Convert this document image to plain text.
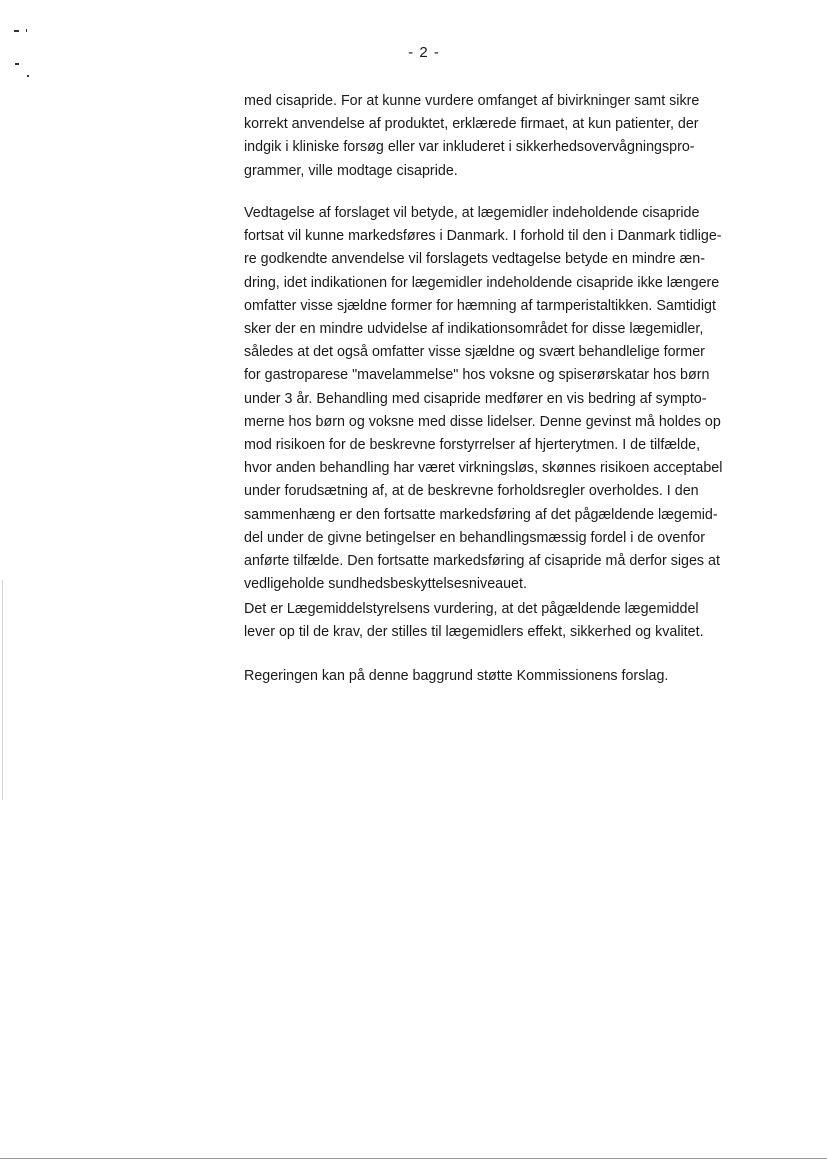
- 2 -

med cisapride. For at kunne vurdere omfanget af bivirkninger samt sikre
korrekt anvendelse af produktet, erklærede firmaet, at kun patienter, der
indgik i kliniske forsøg eller var inkluderet i sikkerhedsovervågningspro-
grammer, ville modtage cisapride.

Vedtagelse af forslaget vil betyde, at lægemidler indeholdende cisapride
fortsat vil kunne markedsføres i Danmark. I forhold til den i Danmark tidlige-
re godkendte anvendelse vil forslagets vedtagelse betyde en mindre æn-
dring, idet indikationen for lægemidler indeholdende cisapride ikke længere
omfatter visse sjældne former for hæmning af tarmperistaltikken. Samtidigt
sker der en mindre udvidelse af indikationsområdet for disse lægemidler,
således at det også omfatter visse sjældne og svært behandlelige former
for gastroparese "mavelammelse" hos voksne og spiserørskatar hos børn
under 3 år. Behandling med cisapride medfører en vis bedring af sympto-
merne hos børn og voksne med disse lidelser. Denne gevinst må holdes op
mod risikoen for de beskrevne forstyrrelser af hjerterytmen. I de tilfælde,
hvor anden behandling har været virkningsløs, skønnes risikoen acceptabel
under forudsætning af, at de beskrevne forholdsregler overholdes. I den
sammenhæng er den fortsatte markedsføring af det pågældende lægemid-
del under de givne betingelser en behandlingsmæssig fordel i de ovenfor
anførte tilfælde. Den fortsatte markedsføring af cisapride må derfor siges at
vedligeholde sundhedsbeskyttelsesniveauet.

Det er Lægemiddelstyrelsens vurdering, at det pågældende lægemiddel
lever op til de krav, der stilles til lægemidlers effekt, sikkerhed og kvalitet.

Regeringen kan på denne baggrund støtte Kommissionens forslag.
